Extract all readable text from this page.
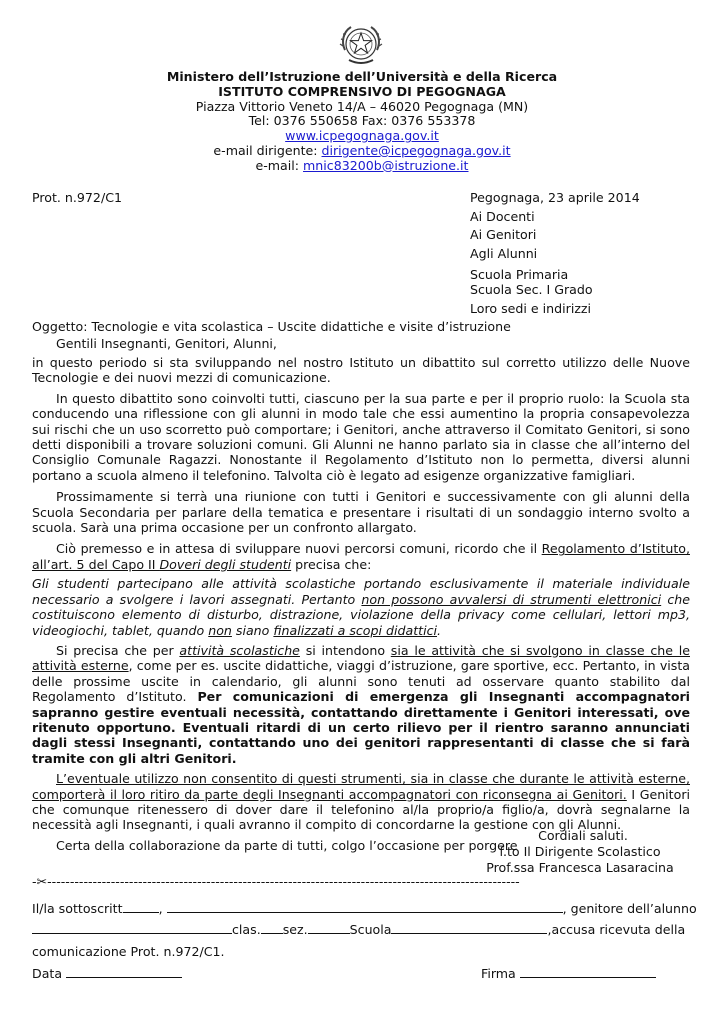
Ministero dell’Istruzione dell’Università e della Ricerca
ISTITUTO COMPRENSIVO DI PEGOGNAGA
Piazza Vittorio Veneto 14/A – 46020 Pegognaga (MN)
Tel: 0376 550658 Fax: 0376 553378
www.icpegognaga.gov.it
e-mail dirigente: dirigente@icpegognaga.gov.it
e-mail: mnic83200b@istruzione.it
Prot. n.972/C1	Pegognaga, 23 aprile 2014
Ai Docenti
Ai Genitori
Agli Alunni
Scuola Primaria
Scuola Sec. I Grado
Loro sedi e indirizzi
Oggetto: Tecnologie e vita scolastica – Uscite didattiche e visite d’istruzione
Gentili Insegnanti, Genitori, Alunni,

in questo periodo si sta sviluppando nel nostro Istituto un dibattito sul corretto utilizzo delle Nuove Tecnologie e dei nuovi mezzi di comunicazione.

In questo dibattito sono coinvolti tutti, ciascuno per la sua parte e per il proprio ruolo: la Scuola sta conducendo una riflessione con gli alunni in modo tale che essi aumentino la propria consapevolezza sui rischi che un uso scorretto può comportare; i Genitori, anche attraverso il Comitato Genitori, si sono detti disponibili a trovare soluzioni comuni. Gli Alunni ne hanno parlato sia in classe che all’interno del Consiglio Comunale Ragazzi. Nonostante il Regolamento d’Istituto non lo permetta, diversi alunni portano a scuola almeno il telefonino. Talvolta ciò è legato ad esigenze organizzative famigliari.

Prossimamente si terrà una riunione con tutti i Genitori e successivamente con gli alunni della Scuola Secondaria per parlare della tematica e presentare i risultati di un sondaggio interno svolto a scuola. Sarà una prima occasione per un confronto allargato.

Ciò premesso e in attesa di sviluppare nuovi percorsi comuni, ricordo che il Regolamento d’Istituto, all’art. 5 del Capo II Doveri degli studenti precisa che:

Gli studenti partecipano alle attività scolastiche portando esclusivamente il materiale individuale necessario a svolgere i lavori assegnati. Pertanto non possono avvalersi di strumenti elettronici che costituiscono elemento di disturbo, distrazione, violazione della privacy come cellulari, lettori mp3, videogiochi, tablet, quando non siano finalizzati a scopi didattici.

Si precisa che per attività scolastiche si intendono sia le attività che si svolgono in classe che le attività esterne, come per es. uscite didattiche, viaggi d’istruzione, gare sportive, ecc. Pertanto, in vista delle prossime uscite in calendario, gli alunni sono tenuti ad osservare quanto stabilito dal Regolamento d’Istituto. Per comunicazioni di emergenza gli Insegnanti accompagnatori sapranno gestire eventuali necessità, contattando direttamente i Genitori interessati, ove ritenuto opportuno. Eventuali ritardi di un certo rilievo per il rientro saranno annunciati dagli stessi Insegnanti, contattando uno dei genitori rappresentanti di classe che si farà tramite con gli altri Genitori.

L’eventuale utilizzo non consentito di questi strumenti, sia in classe che durante le attività esterne, comporterà il loro ritiro da parte degli Insegnanti accompagnatori con riconsegna ai Genitori. I Genitori che comunque ritenessero di dover dare il telefonino al/la proprio/a figlio/a, dovrà segnalarne la necessità agli Insegnanti, i quali avranno il compito di concordarne la gestione con gli Alunni.

Certa della collaborazione da parte di tutti, colgo l’occasione per porgere

Cordiali saluti.
f.to Il Dirigente Scolastico
Prof.ssa Francesca Lasaracina
-✂--------------------------------------------------------------------------------------------------------
Il/la sottoscritt	,	, genitore dell’alunno
clas. sez.	Scuola	,accusa ricevuta della
comunicazione Prot. n.972/C1.
Data	Firma
